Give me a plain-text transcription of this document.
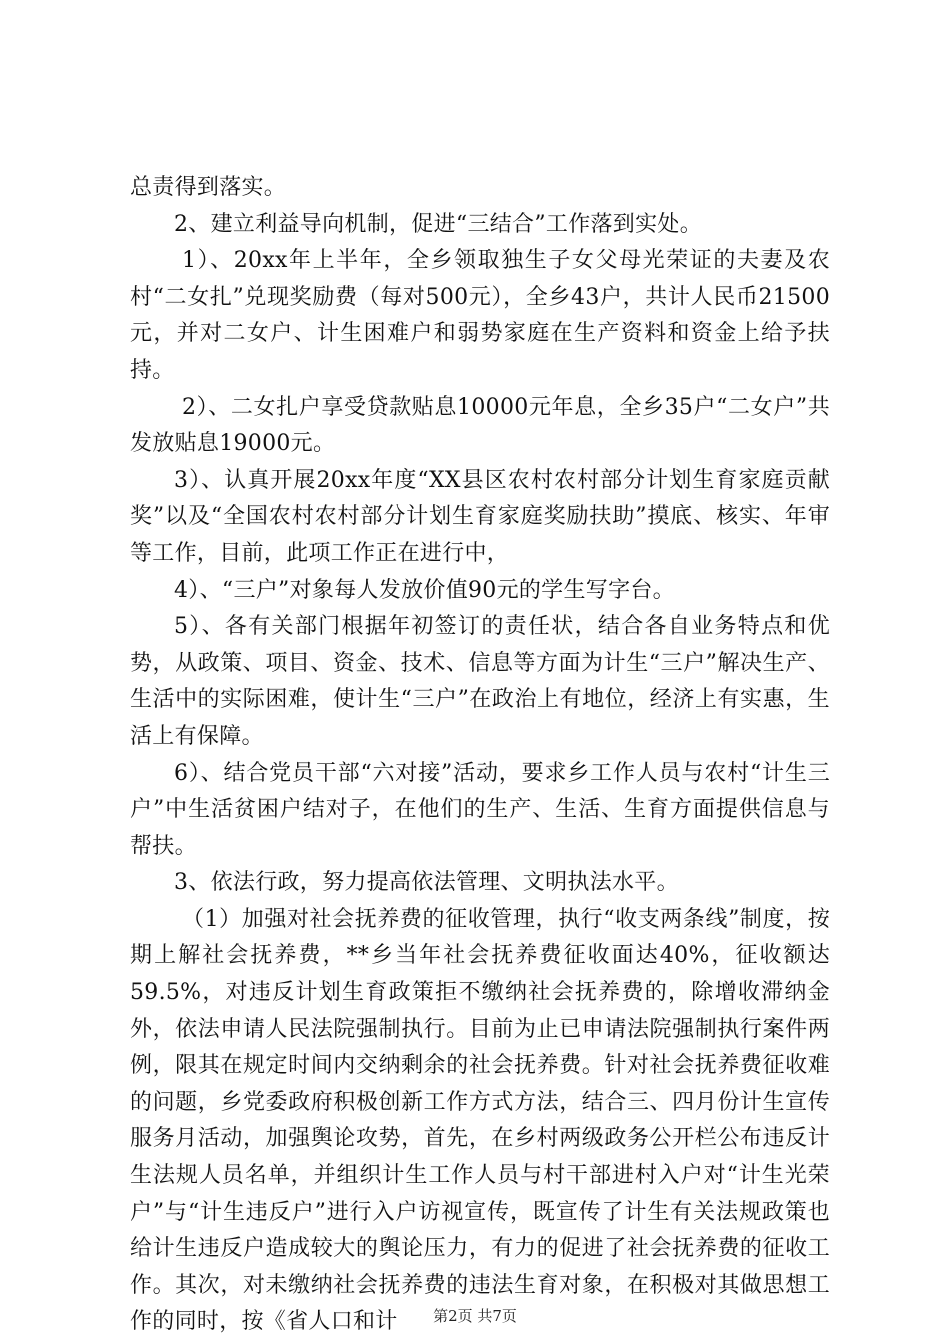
总责得到落实。

2、建立利益导向机制，促进“三结合”工作落到实处。

1）、20xx年上半年，全乡领取独生子女父母光荣证的夫妻及农村“二女扎”兑现奖励费（每对500元），全乡43户，共计人民币21500元，并对二女户、计生困难户和弱势家庭在生产资料和资金上给予扶持。

2）、二女扎户享受贷款贴息10000元年息，全乡35户“二女户”共发放贴息19000元。

3）、认真开展20xx年度“XX县区农村农村部分计划生育家庭贡献奖”以及“全国农村农村部分计划生育家庭奖励扶助”摸底、核实、年审等工作，目前，此项工作正在进行中，

4）、“三户”对象每人发放价值90元的学生写字台。

5）、各有关部门根据年初签订的责任状，结合各自业务特点和优势，从政策、项目、资金、技术、信息等方面为计生“三户”解决生产、生活中的实际困难，使计生“三户”在政治上有地位，经济上有实惠，生活上有保障。

6）、结合党员干部“六对接”活动，要求乡工作人员与农村“计生三户”中生活贫困户结对子，在他们的生产、生活、生育方面提供信息与帮扶。

3、依法行政，努力提高依法管理、文明执法水平。

（1）加强对社会抚养费的征收管理，执行“收支两条线”制度，按期上解社会抚养费，**乡当年社会抚养费征收面达40%，征收额达59.5%，对违反计划生育政策拒不缴纳社会抚养费的，除增收滞纳金外，依法申请人民法院强制执行。目前为止已申请法院强制执行案件两例，限其在规定时间内交纳剩余的社会抚养费。针对社会抚养费征收难的问题，乡党委政府积极创新工作方式方法，结合三、四月份计生宣传服务月活动，加强舆论攻势，首先，在乡村两级政务公开栏公布违反计生法规人员名单，并组织计生工作人员与村干部进村入户对“计生光荣户”与“计生违反户”进行入户访视宣传，既宣传了计生有关法规政策也给计生违反户造成较大的舆论压力，有力的促进了社会抚养费的征收工作。其次，对未缴纳社会抚养费的违法生育对象，在积极对其做思想工作的同时，按《省人口和计	第2页 共7页
